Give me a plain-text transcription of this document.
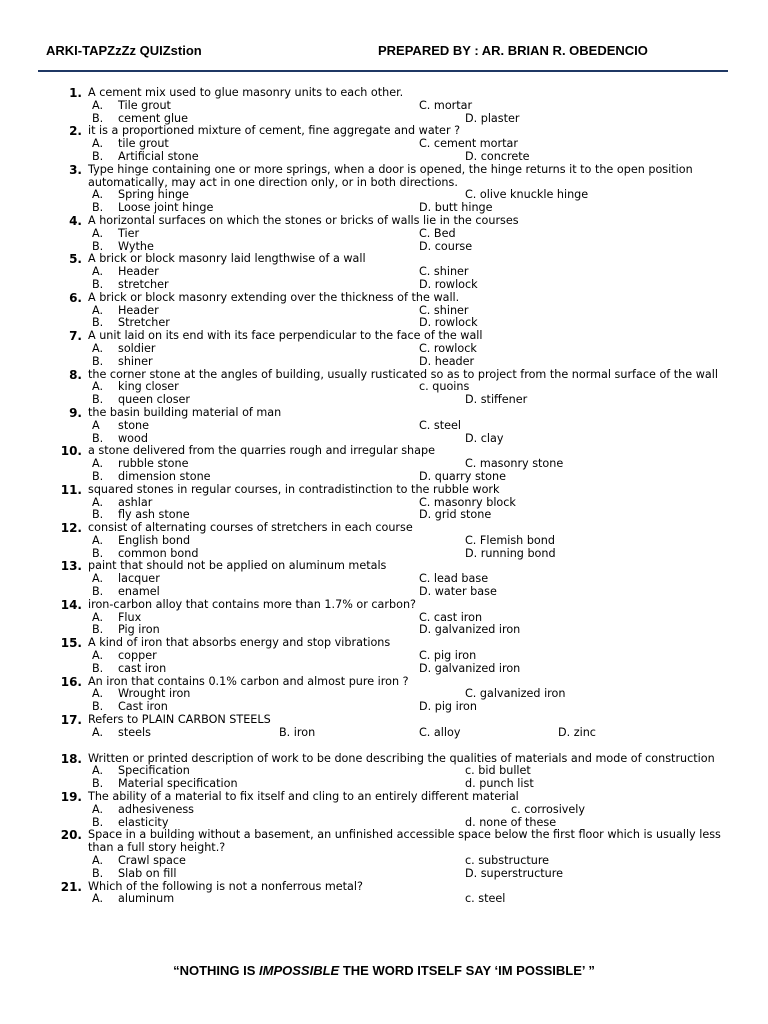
ARKI-TAPZzZz QUIZstion	PREPARED BY : AR. BRIAN R. OBEDENCIO
1. A cement mix used to glue masonry units to each other.
A. Tile grout	C. mortar
B. cement glue	D. plaster
2. it is a proportioned mixture of cement, fine aggregate and water ?
A. tile grout	C. cement mortar
B. Artificial stone	D. concrete
3. Type hinge containing one or more springs, when a door is opened, the hinge returns it to the open position automatically, may act in one direction only, or in both directions.
A. Spring hinge	C. olive knuckle hinge
B. Loose joint hinge	D. butt hinge
4. A horizontal surfaces on which the stones or bricks of walls lie in the courses
A. Tier	C. Bed
B. Wythe	D. course
5. A brick or block masonry laid lengthwise of a wall
A. Header	C. shiner
B. stretcher	D. rowlock
6. A brick or block masonry extending over the thickness of the wall.
A. Header	C. shiner
B. Stretcher	D. rowlock
7. A unit laid on its end with its face perpendicular to the face of the wall
A. soldier	C. rowlock
B. shiner	D. header
8. the corner stone at the angles of building, usually rusticated so as to project from the normal surface of the wall
A. king closer	c. quoins
B. queen closer	D. stiffener
9. the basin building material of man
A stone	C. steel
B. wood	D. clay
10. a stone delivered from the quarries rough and irregular shape
A. rubble stone	C. masonry stone
B. dimension stone	D. quarry stone
11. squared stones in regular courses, in contradistinction to the rubble work
A. ashlar	C. masonry block
B. fly ash stone	D. grid stone
12. consist of alternating courses of stretchers in each course
A. English bond	C. Flemish bond
B. common bond	D. running bond
13. paint that should not be applied on aluminum metals
A. lacquer	C. lead base
B. enamel	D. water base
14. iron-carbon alloy that contains more than 1.7% or carbon?
A. Flux	C. cast iron
B. Pig iron	D. galvanized iron
15. A kind of iron that absorbs energy and stop vibrations
A. copper	C. pig iron
B. cast iron	D. galvanized iron
16. An iron that contains 0.1% carbon and almost pure iron ?
A. Wrought iron	C. galvanized iron
B. Cast iron	D. pig iron
17. Refers to PLAIN CARBON STEELS
A. steels	B. iron	C. alloy	D. zinc
18. Written or printed description of work to be done describing the qualities of materials and mode of construction
A. Specification	c. bid bullet
B. Material specification	d. punch list
19. The ability of a material to fix itself and cling to an entirely different material
A. adhesiveness	c. corrosively
B. elasticity	d. none of these
20. Space in a building without a basement, an unfinished accessible space below the first floor which is usually less than a full story height.?
A. Crawl space	c. substructure
B. Slab on fill	D. superstructure
21. Which of the following is not a nonferrous metal?
A. aluminum	c. steel
“NOTHING IS IMPOSSIBLE THE WORD ITSELF SAY ‘IM POSSIBLE’ ”
